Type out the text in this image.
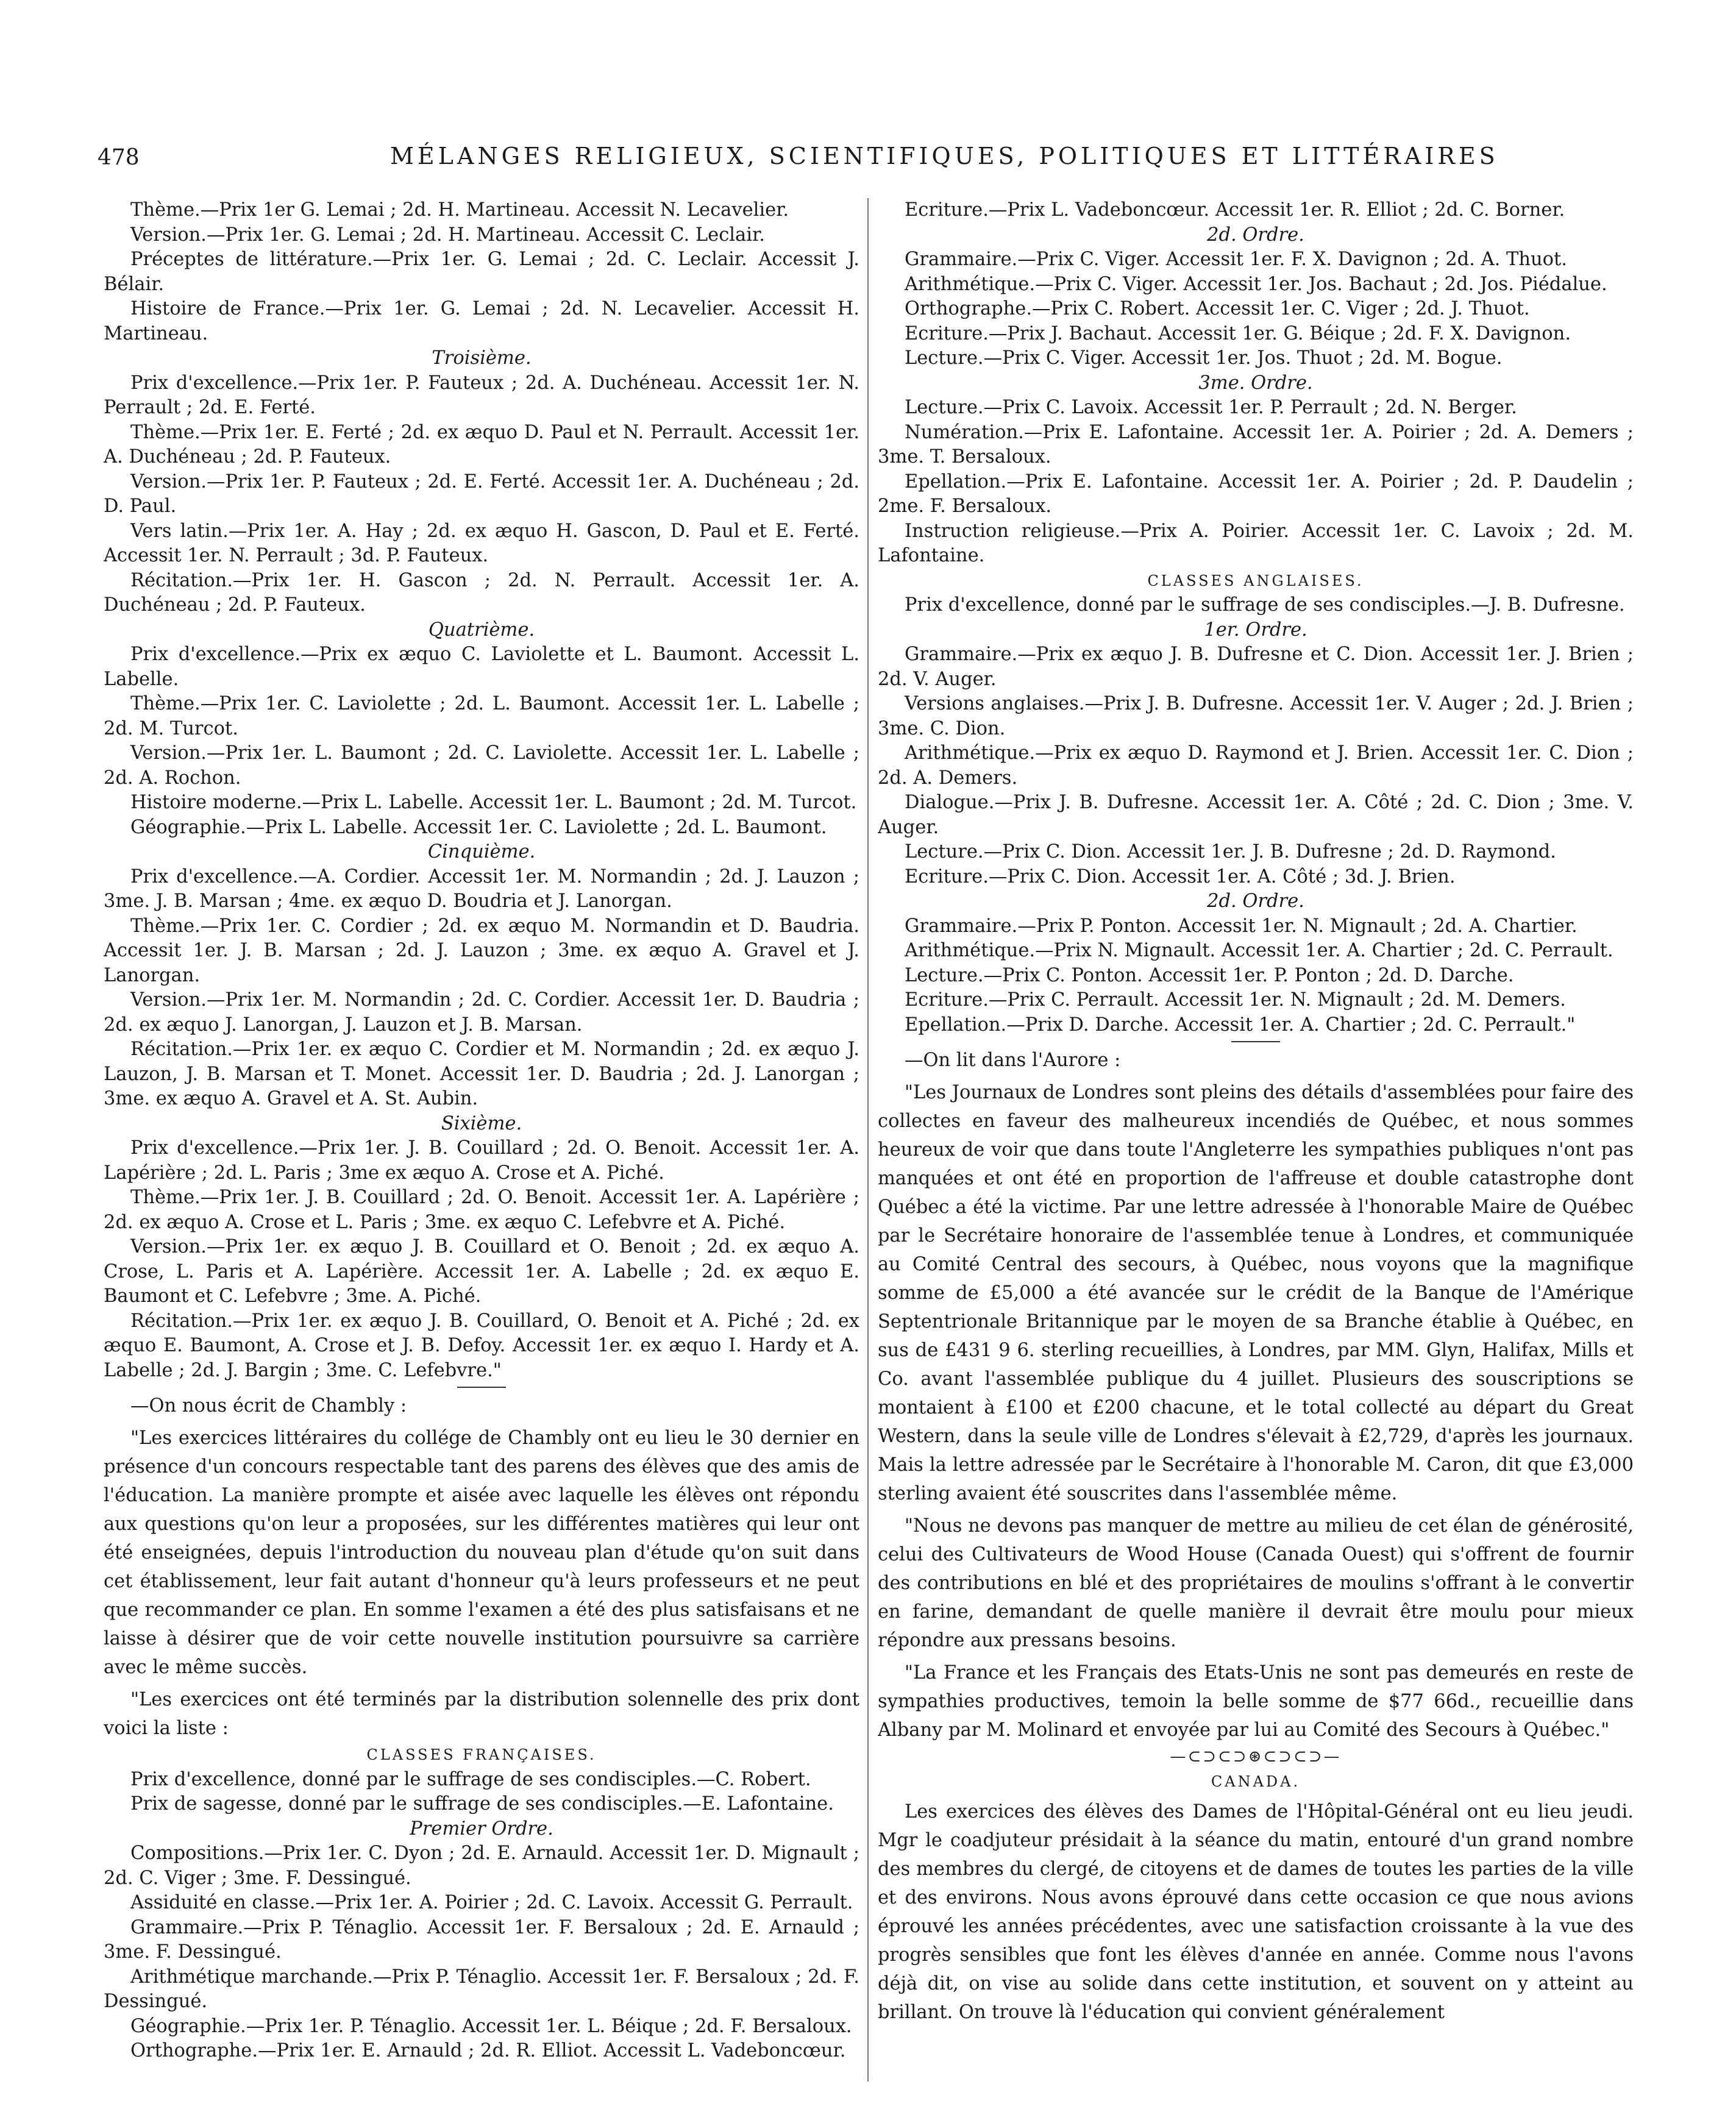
478	MÉLANGES RELIGIEUX, SCIENTIFIQUES, POLITIQUES ET LITTÉRAIRES

Thème.—Prix 1er G. Lemai ; 2d. H. Martineau. Accessit N. Lecavelier.

Version.—Prix 1er. G. Lemai ; 2d. H. Martineau. Accessit C. Leclair.

Préceptes de littérature.—Prix 1er. G. Lemai ; 2d. C. Leclair. Accessit J. Bélair.

Histoire de France.—Prix 1er. G. Lemai ; 2d. N. Lecavelier. Accessit H. Martineau.

Troisième.

Prix d'excellence.—Prix 1er. P. Fauteux ; 2d. A. Duchéneau. Accessit 1er. N. Perrault ; 2d. E. Ferté.

Thème.—Prix 1er. E. Ferté ; 2d. ex æquo D. Paul et N. Perrault. Accessit 1er. A. Duchéneau ; 2d. P. Fauteux.

Version.—Prix 1er. P. Fauteux ; 2d. E. Ferté. Accessit 1er. A. Duchéneau ; 2d. D. Paul.

Vers latin.—Prix 1er. A. Hay ; 2d. ex æquo H. Gascon, D. Paul et E. Ferté. Accessit 1er. N. Perrault ; 3d. P. Fauteux.

Récitation.—Prix 1er. H. Gascon ; 2d. N. Perrault. Accessit 1er. A. Duchéneau ; 2d. P. Fauteux.

Quatrième.

Prix d'excellence.—Prix ex æquo C. Laviolette et L. Baumont. Accessit L. Labelle.

Thème.—Prix 1er. C. Laviolette ; 2d. L. Baumont. Accessit 1er. L. Labelle ; 2d. M. Turcot.

Version.—Prix 1er. L. Baumont ; 2d. C. Laviolette. Accessit 1er. L. Labelle ; 2d. A. Rochon.

Histoire moderne.—Prix L. Labelle. Accessit 1er. L. Baumont ; 2d. M. Turcot.

Géographie.—Prix L. Labelle. Accessit 1er. C. Laviolette ; 2d. L. Baumont.

Cinquième.

Prix d'excellence.—A. Cordier. Accessit 1er. M. Normandin ; 2d. J. Lauzon ; 3me. J. B. Marsan ; 4me. ex æquo D. Boudria et J. Lanorgan.

Thème.—Prix 1er. C. Cordier ; 2d. ex æquo M. Normandin et D. Baudria. Accessit 1er. J. B. Marsan ; 2d. J. Lauzon ; 3me. ex æquo A. Gravel et J. Lanorgan.

Version.—Prix 1er. M. Normandin ; 2d. C. Cordier. Accessit 1er. D. Baudria ; 2d. ex æquo J. Lanorgan, J. Lauzon et J. B. Marsan.

Récitation.—Prix 1er. ex æquo C. Cordier et M. Normandin ; 2d. ex æquo J. Lauzon, J. B. Marsan et T. Monet. Accessit 1er. D. Baudria ; 2d. J. Lanorgan ; 3me. ex æquo A. Gravel et A. St. Aubin.

Sixième.

Prix d'excellence.—Prix 1er. J. B. Couillard ; 2d. O. Benoit. Accessit 1er. A. Lapérière ; 2d. L. Paris ; 3me ex æquo A. Crose et A. Piché.

Thème.—Prix 1er. J. B. Couillard ; 2d. O. Benoit. Accessit 1er. A. Lapérière ; 2d. ex æquo A. Crose et L. Paris ; 3me. ex æquo C. Lefebvre et A. Piché.

Version.—Prix 1er. ex æquo J. B. Couillard et O. Benoit ; 2d. ex æquo A. Crose, L. Paris et A. Lapérière. Accessit 1er. A. Labelle ; 2d. ex æquo E. Baumont et C. Lefebvre ; 3me. A. Piché.

Récitation.—Prix 1er. ex æquo J. B. Couillard, O. Benoit et A. Piché ; 2d. ex æquo E. Baumont, A. Crose et J. B. Defoy. Accessit 1er. ex æquo I. Hardy et A. Labelle ; 2d. J. Bargin ; 3me. C. Lefebvre."

—On nous écrit de Chambly :

"Les exercices littéraires du collége de Chambly ont eu lieu le 30 dernier en présence d'un concours respectable tant des parens des élèves que des amis de l'éducation. La manière prompte et aisée avec laquelle les élèves ont répondu aux questions qu'on leur a proposées, sur les différentes matières qui leur ont été enseignées, depuis l'introduction du nouveau plan d'étude qu'on suit dans cet établissement, leur fait autant d'honneur qu'à leurs professeurs et ne peut que recommander ce plan. En somme l'examen a été des plus satisfaisans et ne laisse à désirer que de voir cette nouvelle institution poursuivre sa carrière avec le même succès.

"Les exercices ont été terminés par la distribution solennelle des prix dont voici la liste :

CLASSES FRANÇAISES.

Prix d'excellence, donné par le suffrage de ses condisciples.—C. Robert.

Prix de sagesse, donné par le suffrage de ses condisciples.—E. Lafontaine.

Premier Ordre.

Compositions.—Prix 1er. C. Dyon ; 2d. E. Arnauld. Accessit 1er. D. Mignault ; 2d. C. Viger ; 3me. F. Dessingué.

Assiduité en classe.—Prix 1er. A. Poirier ; 2d. C. Lavoix. Accessit G. Perrault.

Grammaire.—Prix P. Ténaglio. Accessit 1er. F. Bersaloux ; 2d. E. Arnauld ; 3me. F. Dessingué.

Arithmétique marchande.—Prix P. Ténaglio. Accessit 1er. F. Bersaloux ; 2d. F. Dessingué.

Géographie.—Prix 1er. P. Ténaglio. Accessit 1er. L. Béique ; 2d. F. Bersaloux.

Orthographe.—Prix 1er. E. Arnauld ; 2d. R. Elliot. Accessit L. Vadeboncœur.

Ecriture.—Prix L. Vadeboncœur. Accessit 1er. R. Elliot ; 2d. C. Borner.

2d. Ordre.

Grammaire.—Prix C. Viger. Accessit 1er. F. X. Davignon ; 2d. A. Thuot.

Arithmétique.—Prix C. Viger. Accessit 1er. Jos. Bachaut ; 2d. Jos. Piédalue.

Orthographe.—Prix C. Robert. Accessit 1er. C. Viger ; 2d. J. Thuot.

Ecriture.—Prix J. Bachaut. Accessit 1er. G. Béique ; 2d. F. X. Davignon.

Lecture.—Prix C. Viger. Accessit 1er. Jos. Thuot ; 2d. M. Bogue.

3me. Ordre.

Lecture.—Prix C. Lavoix. Accessit 1er. P. Perrault ; 2d. N. Berger.

Numération.—Prix E. Lafontaine. Accessit 1er. A. Poirier ; 2d. A. Demers ; 3me. T. Bersaloux.

Epellation.—Prix E. Lafontaine. Accessit 1er. A. Poirier ; 2d. P. Daudelin ; 2me. F. Bersaloux.

Instruction religieuse.—Prix A. Poirier. Accessit 1er. C. Lavoix ; 2d. M. Lafontaine.

CLASSES ANGLAISES.

Prix d'excellence, donné par le suffrage de ses condisciples.—J. B. Dufresne.

1er. Ordre.

Grammaire.—Prix ex æquo J. B. Dufresne et C. Dion. Accessit 1er. J. Brien ; 2d. V. Auger.

Versions anglaises.—Prix J. B. Dufresne. Accessit 1er. V. Auger ; 2d. J. Brien ; 3me. C. Dion.

Arithmétique.—Prix ex æquo D. Raymond et J. Brien. Accessit 1er. C. Dion ; 2d. A. Demers.

Dialogue.—Prix J. B. Dufresne. Accessit 1er. A. Côté ; 2d. C. Dion ; 3me. V. Auger.

Lecture.—Prix C. Dion. Accessit 1er. J. B. Dufresne ; 2d. D. Raymond.

Ecriture.—Prix C. Dion. Accessit 1er. A. Côté ; 3d. J. Brien.

2d. Ordre.

Grammaire.—Prix P. Ponton. Accessit 1er. N. Mignault ; 2d. A. Chartier.

Arithmétique.—Prix N. Mignault. Accessit 1er. A. Chartier ; 2d. C. Perrault.

Lecture.—Prix C. Ponton. Accessit 1er. P. Ponton ; 2d. D. Darche.

Ecriture.—Prix C. Perrault. Accessit 1er. N. Mignault ; 2d. M. Demers.

Epellation.—Prix D. Darche. Accessit 1er. A. Chartier ; 2d. C. Perrault."

—On lit dans l'Aurore :

"Les Journaux de Londres sont pleins des détails d'assemblées pour faire des collectes en faveur des malheureux incendiés de Québec, et nous sommes heureux de voir que dans toute l'Angleterre les sympathies publiques n'ont pas manquées et ont été en proportion de l'affreuse et double catastrophe dont Québec a été la victime. Par une lettre adressée à l'honorable Maire de Québec par le Secrétaire honoraire de l'assemblée tenue à Londres, et communiquée au Comité Central des secours, à Québec, nous voyons que la magnifique somme de £5,000 a été avancée sur le crédit de la Banque de l'Amérique Septentrionale Britannique par le moyen de sa Branche établie à Québec, en sus de £431 9 6. sterling recueillies, à Londres, par MM. Glyn, Halifax, Mills et Co. avant l'assemblée publique du 4 juillet. Plusieurs des souscriptions se montaient à £100 et £200 chacune, et le total collecté au départ du Great Western, dans la seule ville de Londres s'élevait à £2,729, d'après les journaux. Mais la lettre adressée par le Secrétaire à l'honorable M. Caron, dit que £3,000 sterling avaient été souscrites dans l'assemblée même.

"Nous ne devons pas manquer de mettre au milieu de cet élan de générosité, celui des Cultivateurs de Wood House (Canada Ouest) qui s'offrent de fournir des contributions en blé et des propriétaires de moulins s'offrant à le convertir en farine, demandant de quelle manière il devrait être moulu pour mieux répondre aux pressans besoins.

"La France et les Français des Etats-Unis ne sont pas demeurés en reste de sympathies productives, temoin la belle somme de $77 66d., recueillie dans Albany par M. Molinard et envoyée par lui au Comité des Secours à Québec."

—⊂⊃⊂⊃⊛⊂⊃⊂⊃—

CANADA.

Les exercices des élèves des Dames de l'Hôpital-Général ont eu lieu jeudi. Mgr le coadjuteur présidait à la séance du matin, entouré d'un grand nombre des membres du clergé, de citoyens et de dames de toutes les parties de la ville et des environs. Nous avons éprouvé dans cette occasion ce que nous avions éprouvé les années précédentes, avec une satisfaction croissante à la vue des progrès sensibles que font les élèves d'année en année. Comme nous l'avons déjà dit, on vise au solide dans cette institution, et souvent on y atteint au brillant. On trouve là l'éducation qui convient généralement
